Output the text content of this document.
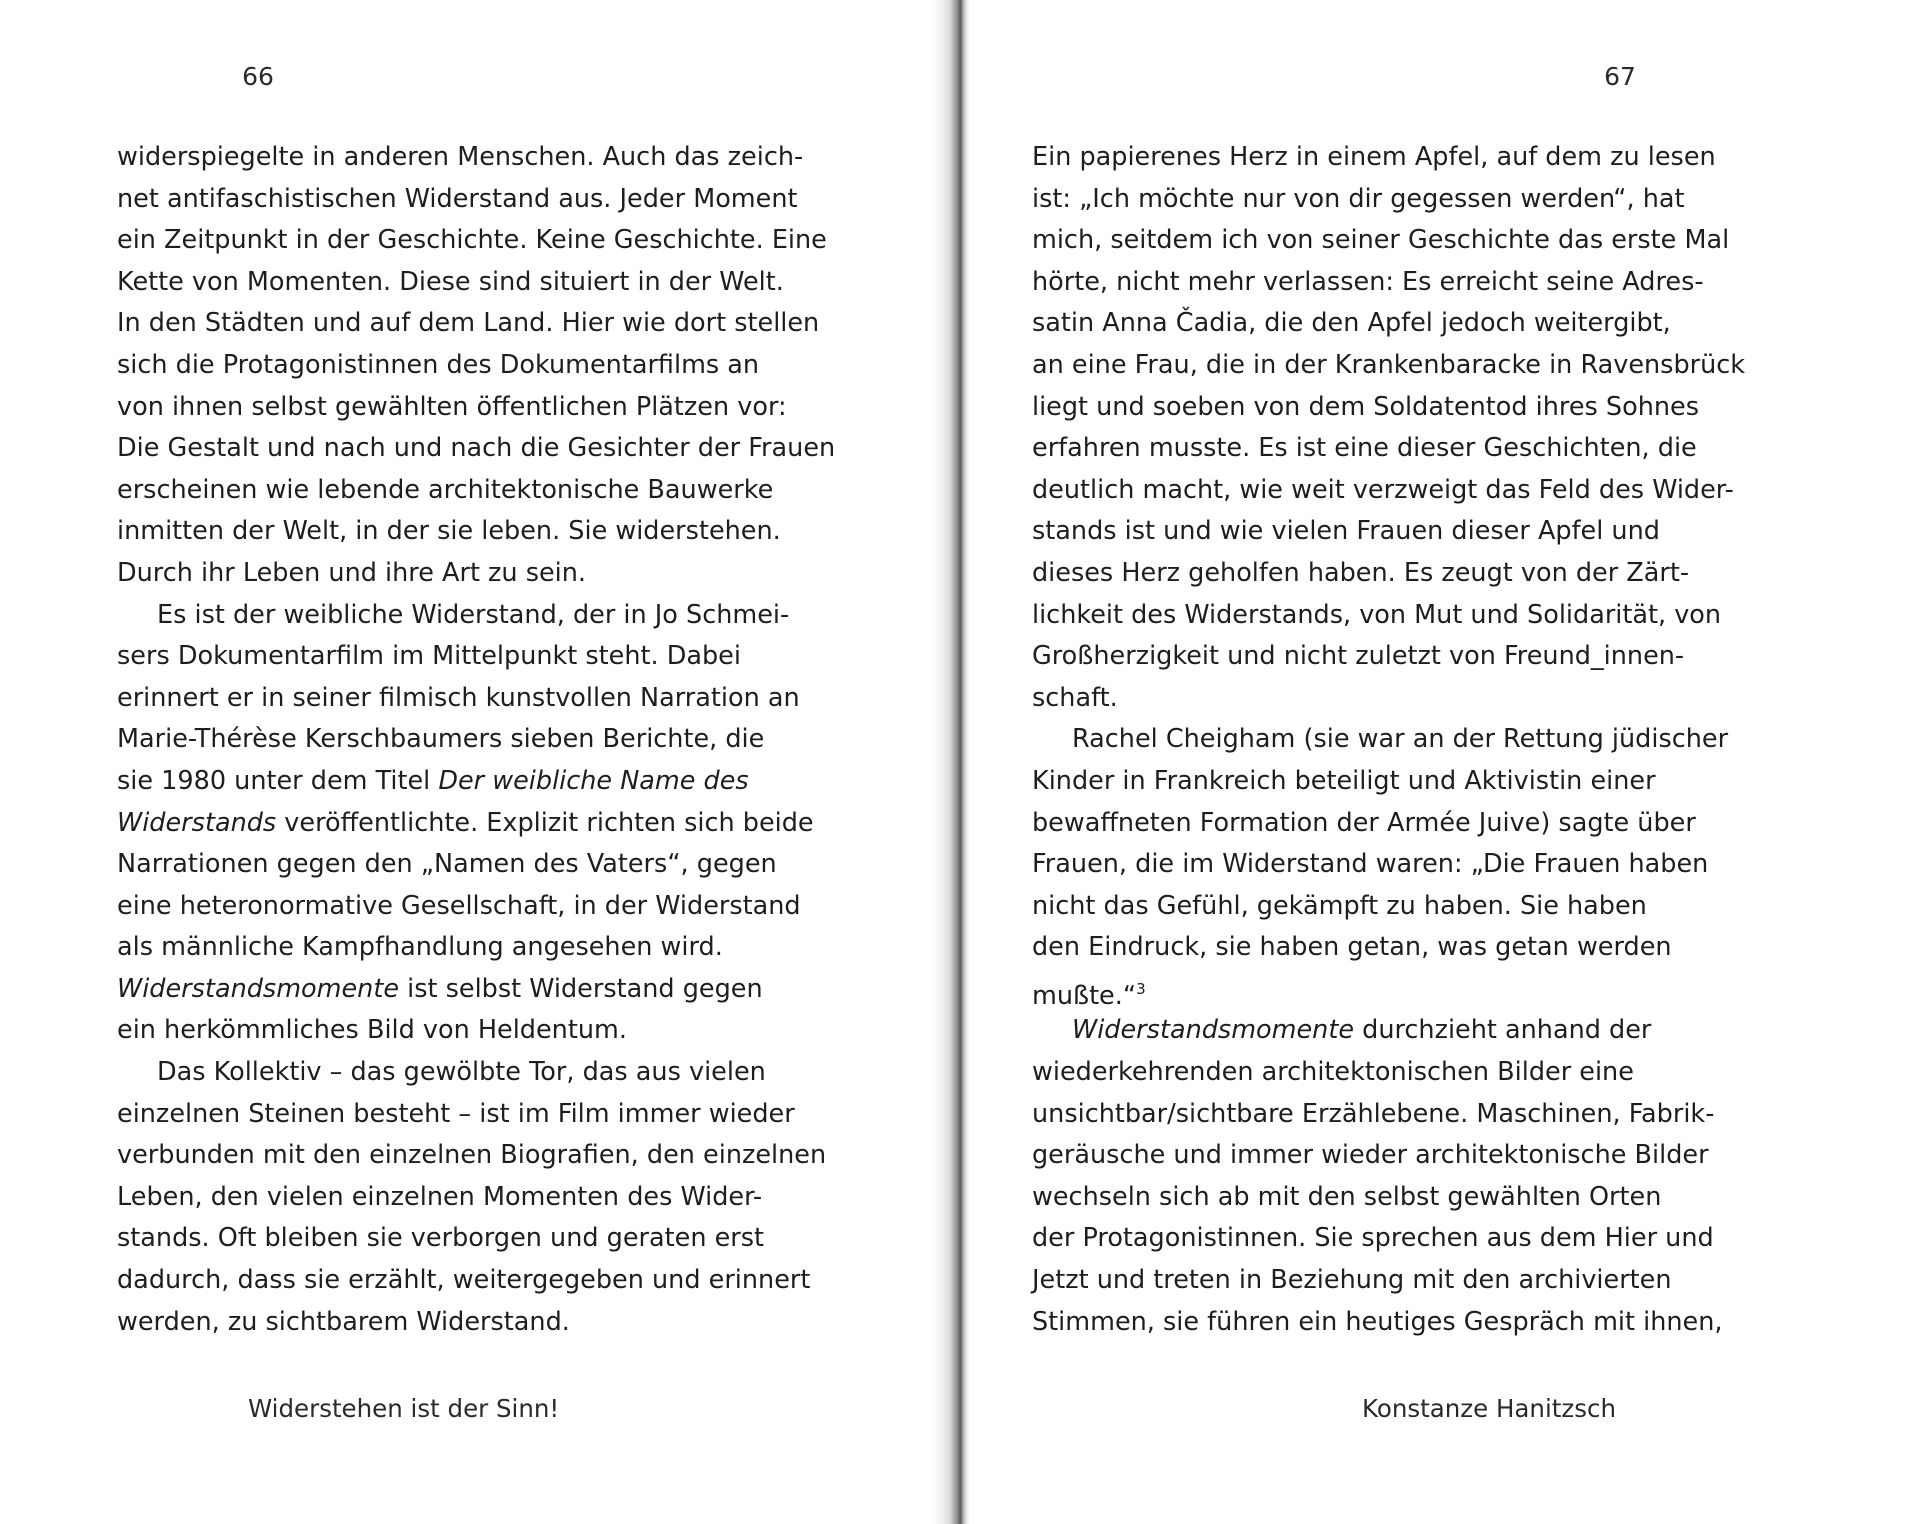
66
widerspiegelte in anderen Menschen. Auch das zeich-
net antifaschistischen Widerstand aus. Jeder Moment
ein Zeitpunkt in der Geschichte. Keine Geschichte. Eine
Kette von Momenten. Diese sind situiert in der Welt.
In den Städten und auf dem Land. Hier wie dort stellen
sich die Protagonistinnen des Dokumentarfilms an
von ihnen selbst gewählten öffentlichen Plätzen vor:
Die Gestalt und nach und nach die Gesichter der Frauen
erscheinen wie lebende architektonische Bauwerke
inmitten der Welt, in der sie leben. Sie widerstehen.
Durch ihr Leben und ihre Art zu sein.
Es ist der weibliche Widerstand, der in Jo Schmei-
sers Dokumentarfilm im Mittelpunkt steht. Dabei
erinnert er in seiner filmisch kunstvollen Narration an
Marie-Thérèse Kerschbaumers sieben Berichte, die
sie 1980 unter dem Titel Der weibliche Name des
Widerstands veröffentlichte. Explizit richten sich beide
Narrationen gegen den „Namen des Vaters“, gegen
eine heteronormative Gesellschaft, in der Widerstand
als männliche Kampfhandlung angesehen wird.
Widerstandsmomente ist selbst Widerstand gegen
ein herkömmliches Bild von Heldentum.
Das Kollektiv – das gewölbte Tor, das aus vielen
einzelnen Steinen besteht – ist im Film immer wieder
verbunden mit den einzelnen Biografien, den einzelnen
Leben, den vielen einzelnen Momenten des Wider-
stands. Oft bleiben sie verborgen und geraten erst
dadurch, dass sie erzählt, weitergegeben und erinnert
werden, zu sichtbarem Widerstand.
Widerstehen ist der Sinn!
67
Ein papierenes Herz in einem Apfel, auf dem zu lesen
ist: „Ich möchte nur von dir gegessen werden“, hat
mich, seitdem ich von seiner Geschichte das erste Mal
hörte, nicht mehr verlassen: Es erreicht seine Adres-
satin Anna Čadia, die den Apfel jedoch weitergibt,
an eine Frau, die in der Krankenbaracke in Ravensbrück
liegt und soeben von dem Soldatentod ihres Sohnes
erfahren musste. Es ist eine dieser Geschichten, die
deutlich macht, wie weit verzweigt das Feld des Wider-
stands ist und wie vielen Frauen dieser Apfel und
dieses Herz geholfen haben. Es zeugt von der Zärt-
lichkeit des Widerstands, von Mut und Solidarität, von
Großherzigkeit und nicht zuletzt von Freund_innen-
schaft.
Rachel Cheigham (sie war an der Rettung jüdischer
Kinder in Frankreich beteiligt und Aktivistin einer
bewaffneten Formation der Armée Juive) sagte über
Frauen, die im Widerstand waren: „Die Frauen haben
nicht das Gefühl, gekämpft zu haben. Sie haben
den Eindruck, sie haben getan, was getan werden
mußte.“$^3$
Widerstandsmomente durchzieht anhand der
wiederkehrenden architektonischen Bilder eine
unsichtbar/sichtbare Erzählebene. Maschinen, Fabrik-
geräusche und immer wieder architektonische Bilder
wechseln sich ab mit den selbst gewählten Orten
der Protagonistinnen. Sie sprechen aus dem Hier und
Jetzt und treten in Beziehung mit den archivierten
Stimmen, sie führen ein heutiges Gespräch mit ihnen,
Konstanze Hanitzsch
